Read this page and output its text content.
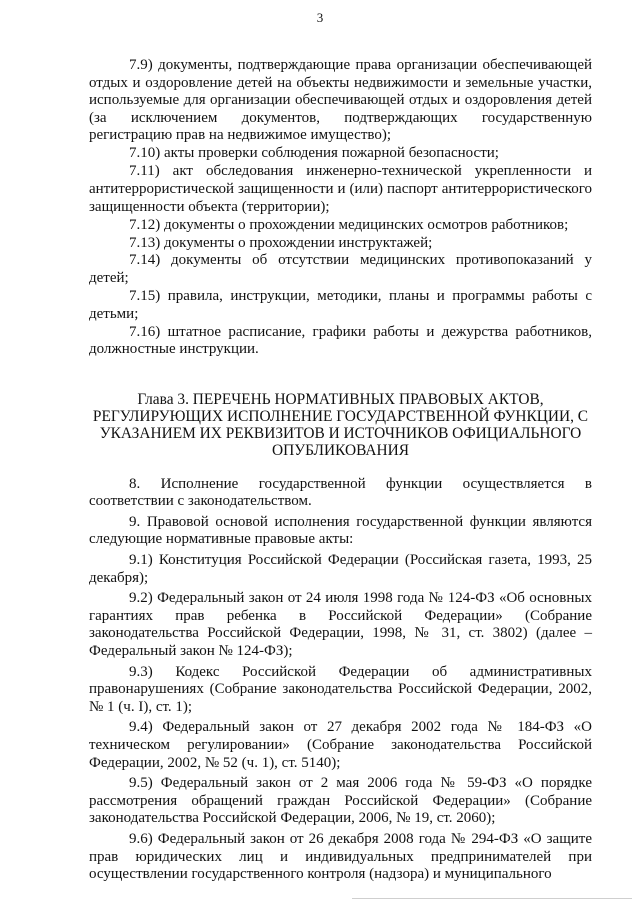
3

7.9) документы, подтверждающие права организации обеспечивающей отдых и оздоровление детей на объекты недвижимости и земельные участки, используемые для организации обеспечивающей отдых и оздоровления детей (за исключением документов, подтверждающих государственную регистрацию прав на недвижимое имущество);

7.10) акты проверки соблюдения пожарной безопасности;

7.11) акт обследования инженерно-технической укрепленности и антитеррористической защищенности и (или) паспорт антитеррористического защищенности объекта (территории);

7.12) документы о прохождении медицинских осмотров работников;

7.13) документы о прохождении инструктажей;

7.14) документы об отсутствии медицинских противопоказаний у детей;

7.15) правила, инструкции, методики, планы и программы работы с детьми;

7.16) штатное расписание, графики работы и дежурства работников, должностные инструкции.

Глава 3. ПЕРЕЧЕНЬ НОРМАТИВНЫХ ПРАВОВЫХ АКТОВ,
РЕГУЛИРУЮЩИХ ИСПОЛНЕНИЕ ГОСУДАРСТВЕННОЙ ФУНКЦИИ, С
УКАЗАНИЕМ ИХ РЕКВИЗИТОВ И ИСТОЧНИКОВ ОФИЦИАЛЬНОГО
ОПУБЛИКОВАНИЯ

8. Исполнение государственной функции осуществляется в соответствии с законодательством.

9. Правовой основой исполнения государственной функции являются следующие нормативные правовые акты:

9.1) Конституция Российской Федерации (Российская газета, 1993, 25 декабря);

9.2) Федеральный закон от 24 июля 1998 года № 124-ФЗ «Об основных гарантиях прав ребенка в Российской Федерации» (Собрание законодательства Российской Федерации, 1998, № 31, ст. 3802) (далее – Федеральный закон № 124-ФЗ);

9.3) Кодекс Российской Федерации об административных правонарушениях (Собрание законодательства Российской Федерации, 2002, № 1 (ч. I), ст. 1);

9.4) Федеральный закон от 27 декабря 2002 года № 184-ФЗ «О техническом регулировании» (Собрание законодательства Российской Федерации, 2002, № 52 (ч. 1), ст. 5140);

9.5) Федеральный закон от 2 мая 2006 года № 59-ФЗ «О порядке рассмотрения обращений граждан Российской Федерации» (Собрание законодательства Российской Федерации, 2006, № 19, ст. 2060);

9.6) Федеральный закон от 26 декабря 2008 года № 294-ФЗ «О защите прав юридических лиц и индивидуальных предпринимателей при осуществлении государственного контроля (надзора) и муниципального
